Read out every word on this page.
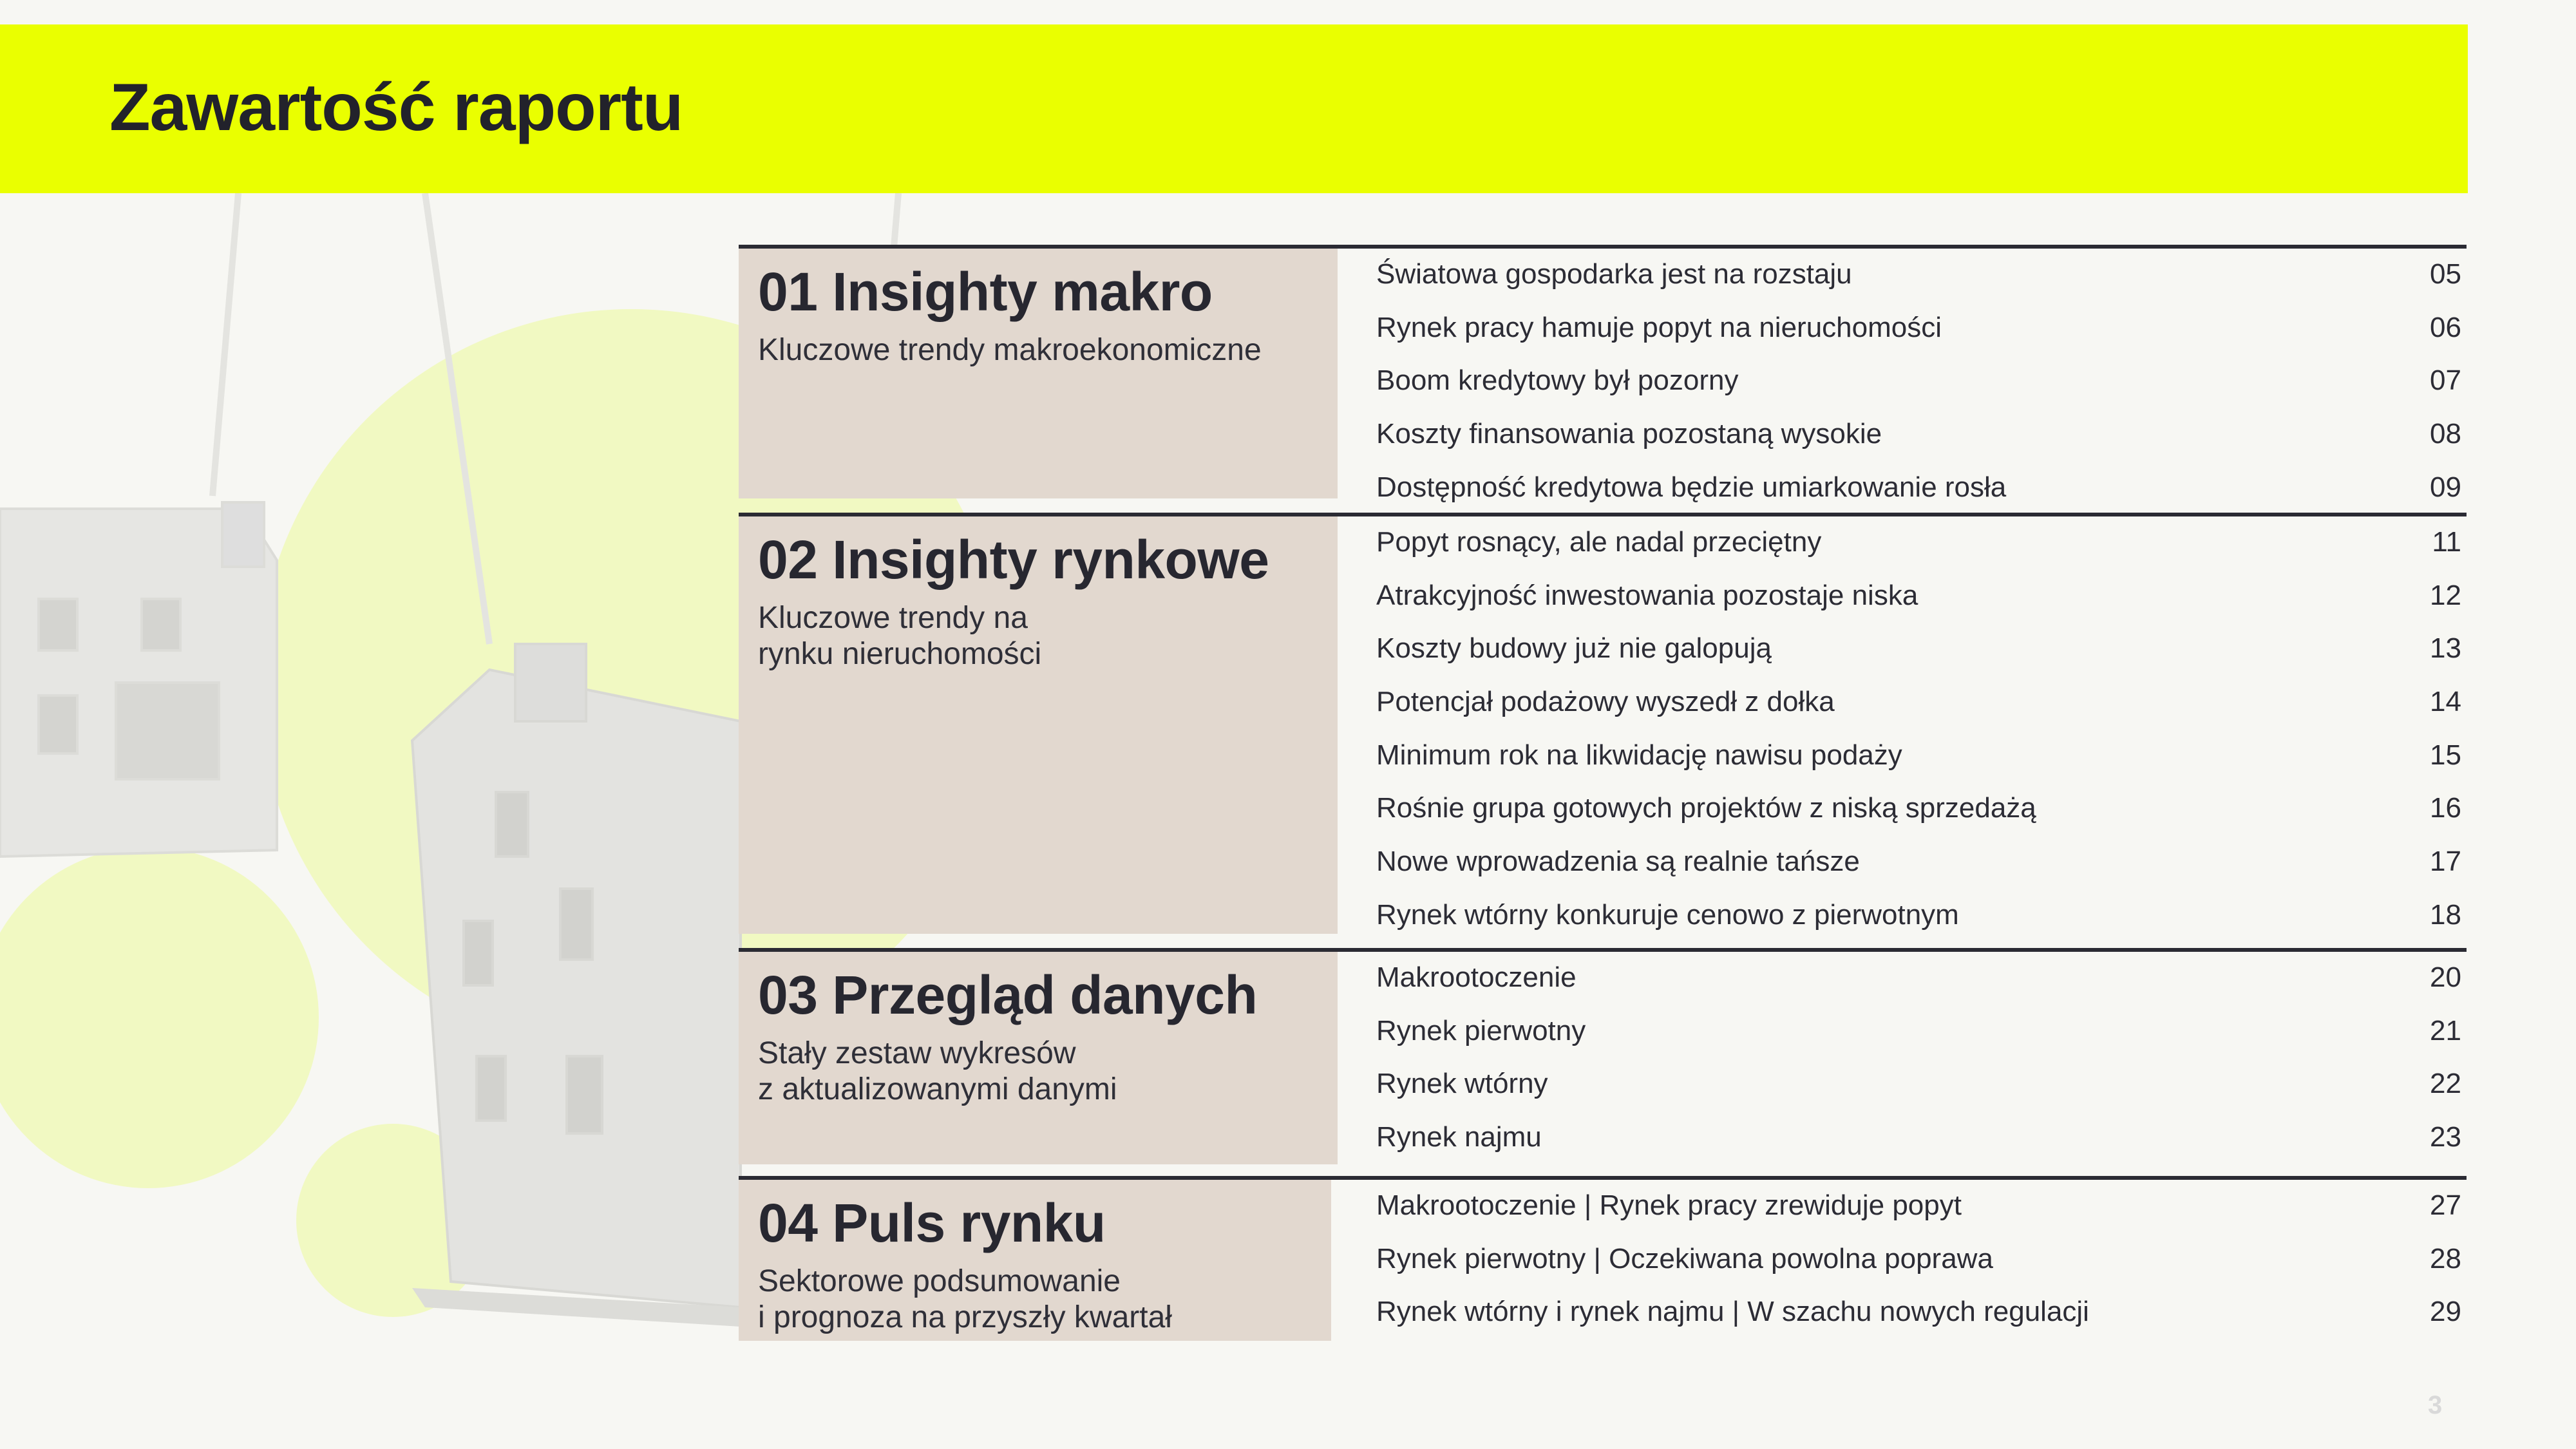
Zawartość raportu
01 Insighty makro

Kluczowe trendy makroekonomiczne

Światowa gospodarka jest na rozstaju	05
Rynek pracy hamuje popyt na nieruchomości	06
Boom kredytowy był pozorny	07
Koszty finansowania pozostaną wysokie	08
Dostępność kredytowa będzie umiarkowanie rosła	09
02 Insighty rynkowe

Kluczowe trendy na
rynku nieruchomości

Popyt rosnący, ale nadal przeciętny	11
Atrakcyjność inwestowania pozostaje niska	12
Koszty budowy już nie galopują	13
Potencjał podażowy wyszedł z dołka	14
Minimum rok na likwidację nawisu podaży	15
Rośnie grupa gotowych projektów z niską sprzedażą	16
Nowe wprowadzenia są realnie tańsze	17
Rynek wtórny konkuruje cenowo z pierwotnym	18
03 Przegląd danych

Stały zestaw wykresów
z aktualizowanymi danymi

Makrootoczenie	20
Rynek pierwotny	21
Rynek wtórny	22
Rynek najmu	23
04 Puls rynku

Sektorowe podsumowanie
i prognoza na przyszły kwartał

Makrootoczenie | Rynek pracy zrewiduje popyt	27
Rynek pierwotny | Oczekiwana powolna poprawa	28
Rynek wtórny i rynek najmu | W szachu nowych regulacji	29
3
